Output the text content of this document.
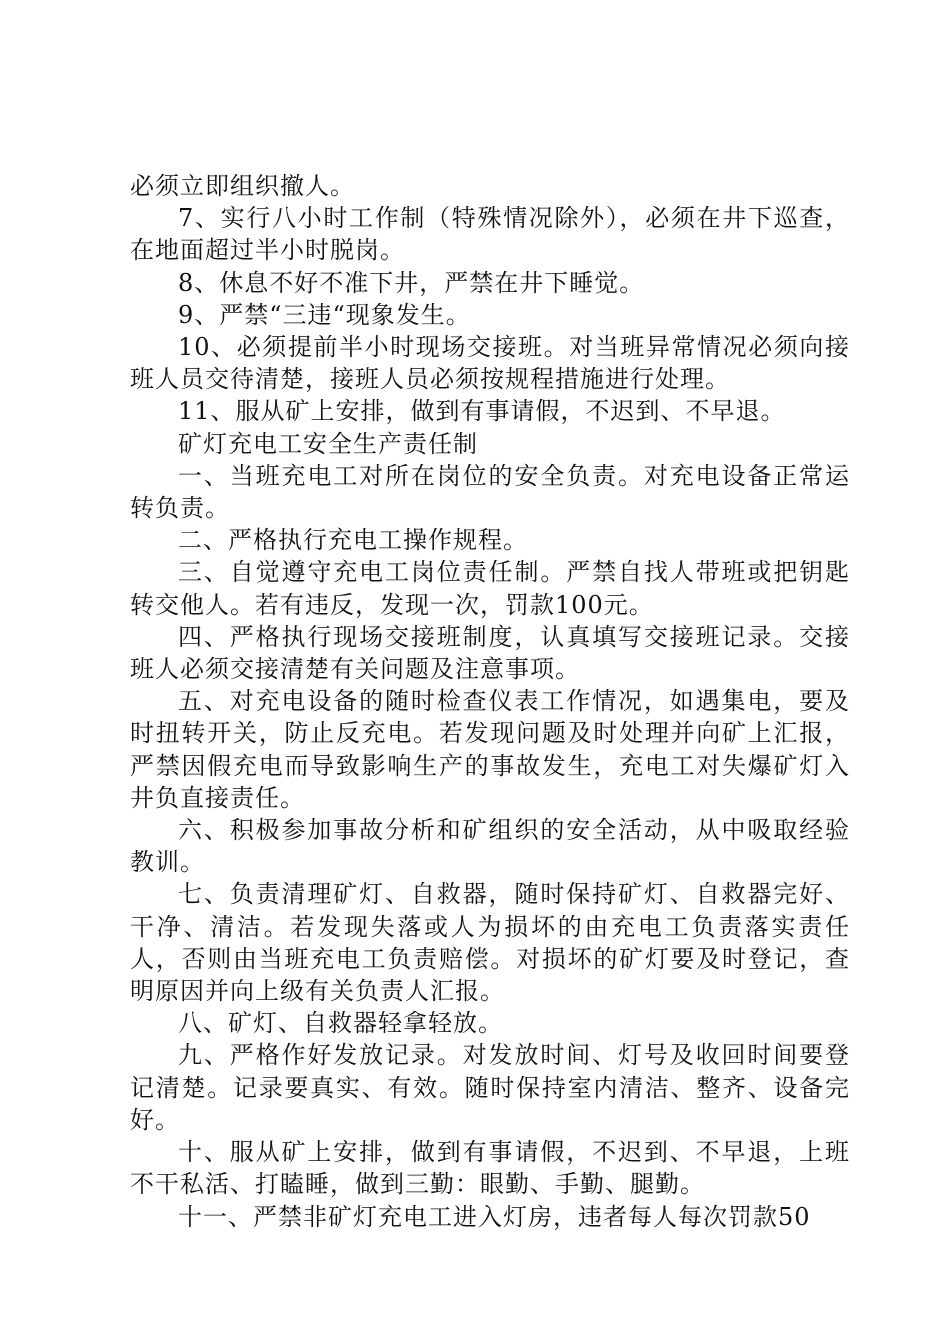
必须立即组织撤人。

7、实行八小时工作制（特殊情况除外），必须在井下巡查，在地面超过半小时脱岗。

8、休息不好不准下井，严禁在井下睡觉。

9、严禁“三违“现象发生。

10、必须提前半小时现场交接班。对当班异常情况必须向接班人员交待清楚，接班人员必须按规程措施进行处理。

11、服从矿上安排，做到有事请假，不迟到、不早退。

矿灯充电工安全生产责任制

一、当班充电工对所在岗位的安全负责。对充电设备正常运转负责。

二、严格执行充电工操作规程。

三、自觉遵守充电工岗位责任制。严禁自找人带班或把钥匙转交他人。若有违反，发现一次，罚款100元。

四、严格执行现场交接班制度，认真填写交接班记录。交接班人必须交接清楚有关问题及注意事项。

五、对充电设备的随时检查仪表工作情况，如遇集电，要及时扭转开关，防止反充电。若发现问题及时处理并向矿上汇报，严禁因假充电而导致影响生产的事故发生，充电工对失爆矿灯入井负直接责任。

六、积极参加事故分析和矿组织的安全活动，从中吸取经验教训。

七、负责清理矿灯、自救器，随时保持矿灯、自救器完好、干净、清洁。若发现失落或人为损坏的由充电工负责落实责任人，否则由当班充电工负责赔偿。对损坏的矿灯要及时登记，查明原因并向上级有关负责人汇报。

八、矿灯、自救器轻拿轻放。

九、严格作好发放记录。对发放时间、灯号及收回时间要登记清楚。记录要真实、有效。随时保持室内清洁、整齐、设备完好。

十、服从矿上安排，做到有事请假，不迟到、不早退，上班不干私活、打瞌睡，做到三勤：眼勤、手勤、腿勤。

十一、严禁非矿灯充电工进入灯房，违者每人每次罚款50
